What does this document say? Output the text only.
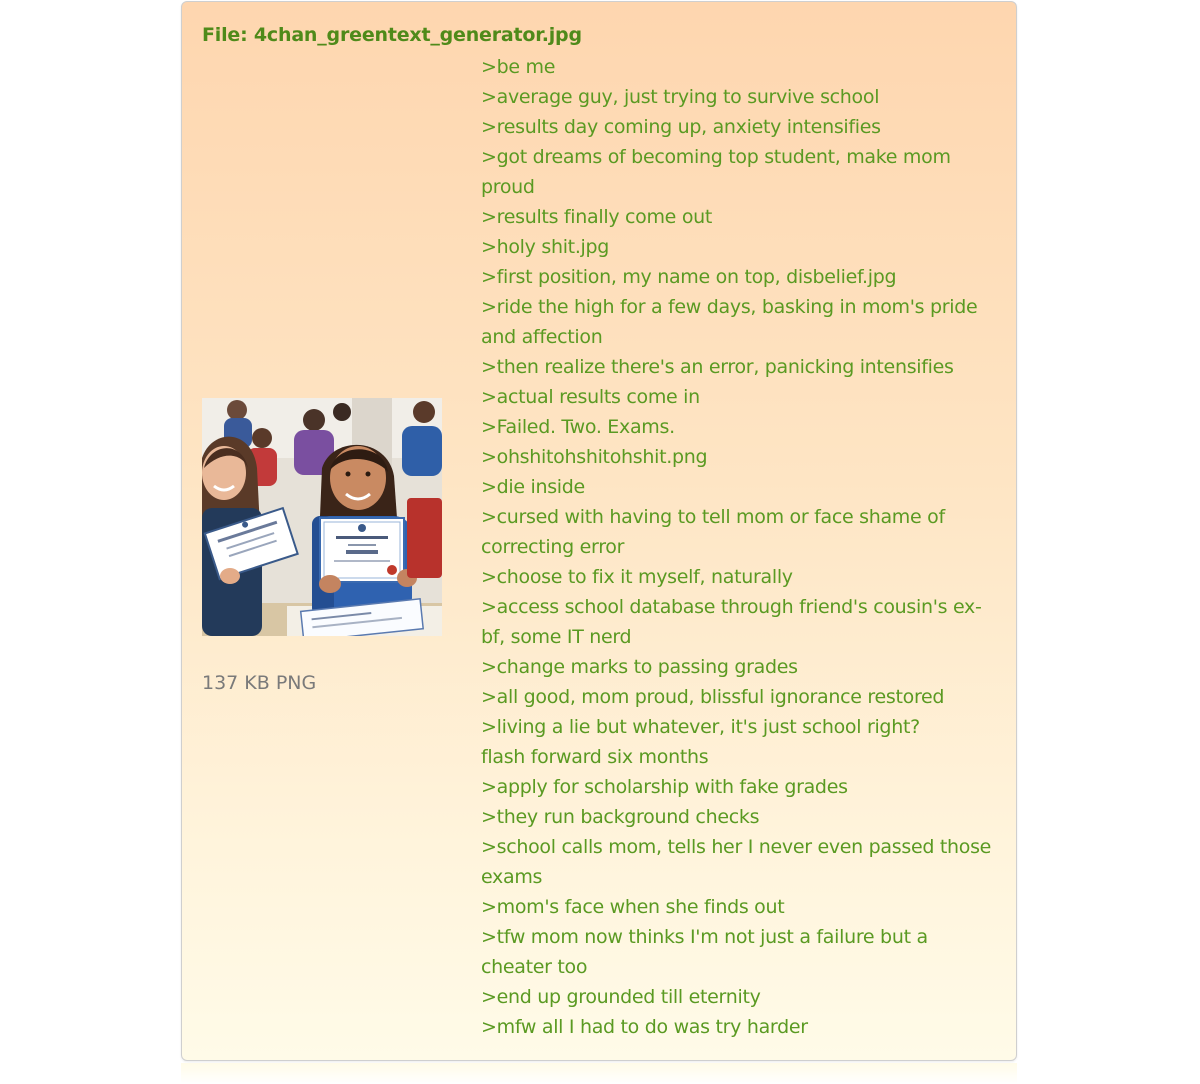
File: 4chan_greentext_generator.jpg
137 KB PNG
>be me
>average guy, just trying to survive school
>results day coming up, anxiety intensifies
>got dreams of becoming top student, make mom proud
>results finally come out
>holy shit.jpg
>first position, my name on top, disbelief.jpg
>ride the high for a few days, basking in mom's pride and affection
>then realize there's an error, panicking intensifies
>actual results come in
>Failed. Two. Exams.
>ohshitohshitohshit.png
>die inside
>cursed with having to tell mom or face shame of correcting error
>choose to fix it myself, naturally
>access school database through friend's cousin's ex-bf, some IT nerd
>change marks to passing grades
>all good, mom proud, blissful ignorance restored
>living a lie but whatever, it's just school right?
flash forward six months
>apply for scholarship with fake grades
>they run background checks
>school calls mom, tells her I never even passed those exams
>mom's face when she finds out
>tfw mom now thinks I'm not just a failure but a cheater too
>end up grounded till eternity
>mfw all I had to do was try harder
